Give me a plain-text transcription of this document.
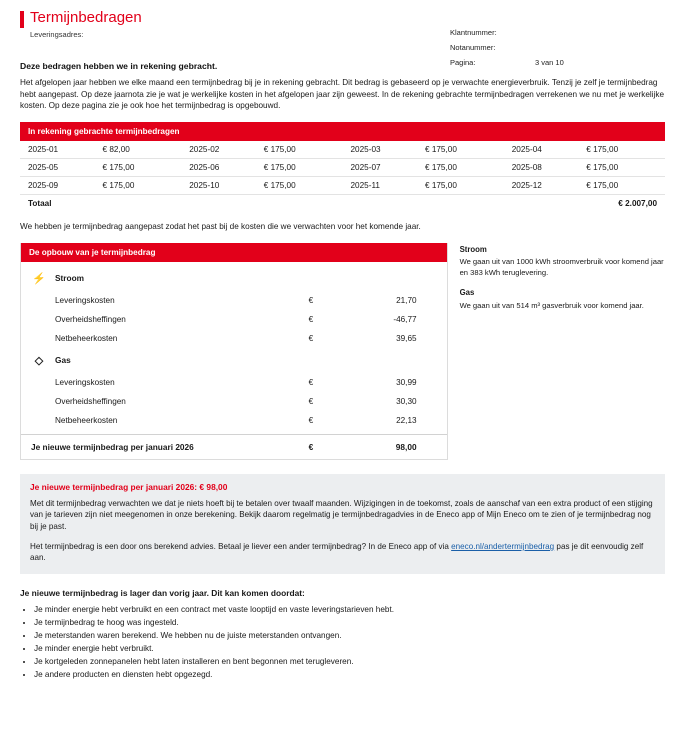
Termijnbedragen
Leveringsadres:	Klantnummer:
Notanummer:
Pagina:	3 van 10
Deze bedragen hebben we in rekening gebracht.

Het afgelopen jaar hebben we elke maand een termijnbedrag bij je in rekening gebracht. Dit bedrag is gebaseerd op je verwachte energieverbruik. Tenzij je zelf je termijnbedrag hebt aangepast. Op deze jaarnota zie je wat je werkelijke kosten in het afgelopen jaar zijn geweest. In de rekening gebrachte termijnbedragen verrekenen we nu met je werkelijke kosten. Op deze pagina zie je ook hoe het termijnbedrag is opgebouwd.

In rekening gebrachte termijnbedragen
2025-01	€ 82,00	2025-02	€ 175,00	2025-03	€ 175,00	2025-04	€ 175,00
2025-05	€ 175,00	2025-06	€ 175,00	2025-07	€ 175,00	2025-08	€ 175,00
2025-09	€ 175,00	2025-10	€ 175,00	2025-11	€ 175,00	2025-12	€ 175,00
Totaal							€ 2.007,00
We hebben je termijnbedrag aangepast zodat het past bij de kosten die we verwachten voor het komende jaar.
De opbouw van je termijnbedrag
⚡ Stroom
Leveringskosten	€	21,70
Overheidsheffingen	€	-46,77
Netbeheerkosten	€	39,65
◇	Gas
Leveringskosten	€	30,99
Overheidsheffingen	€	30,30
Netbeheerkosten	€	22,13
Je nieuwe termijnbedrag per januari 2026	€	98,00
Stroom

We gaan uit van 1000 kWh stroomverbruik voor komend jaar en 383 kWh teruglevering.

Gas

We gaan uit van 514 m³ gasverbruik voor komend jaar.

Je nieuwe termijnbedrag per januari 2026: € 98,00

Met dit termijnbedrag verwachten we dat je niets hoeft bij te betalen over twaalf maanden. Wijzigingen in de toekomst, zoals de aanschaf van een extra product of een stijging van je tarieven zijn niet meegenomen in onze berekening. Bekijk daarom regelmatig je termijnbedragadvies in de Eneco app of Mijn Eneco om te zien of je termijnbedrag nog bij je past.

Het termijnbedrag is een door ons berekend advies. Betaal je liever een ander termijnbedrag? In de Eneco app of via eneco.nl/andertermijnbedrag pas je dit eenvoudig zelf aan.

Je nieuwe termijnbedrag is lager dan vorig jaar. Dit kan komen doordat:
• Je minder energie hebt verbruikt en een contract met vaste looptijd en vaste leveringstarieven hebt.
• Je termijnbedrag te hoog was ingesteld.
• Je meterstanden waren berekend. We hebben nu de juiste meterstanden ontvangen.
• Je minder energie hebt verbruikt.
• Je kortgeleden zonnepanelen hebt laten installeren en bent begonnen met terugleveren.
• Je andere producten en diensten hebt opgezegd.
